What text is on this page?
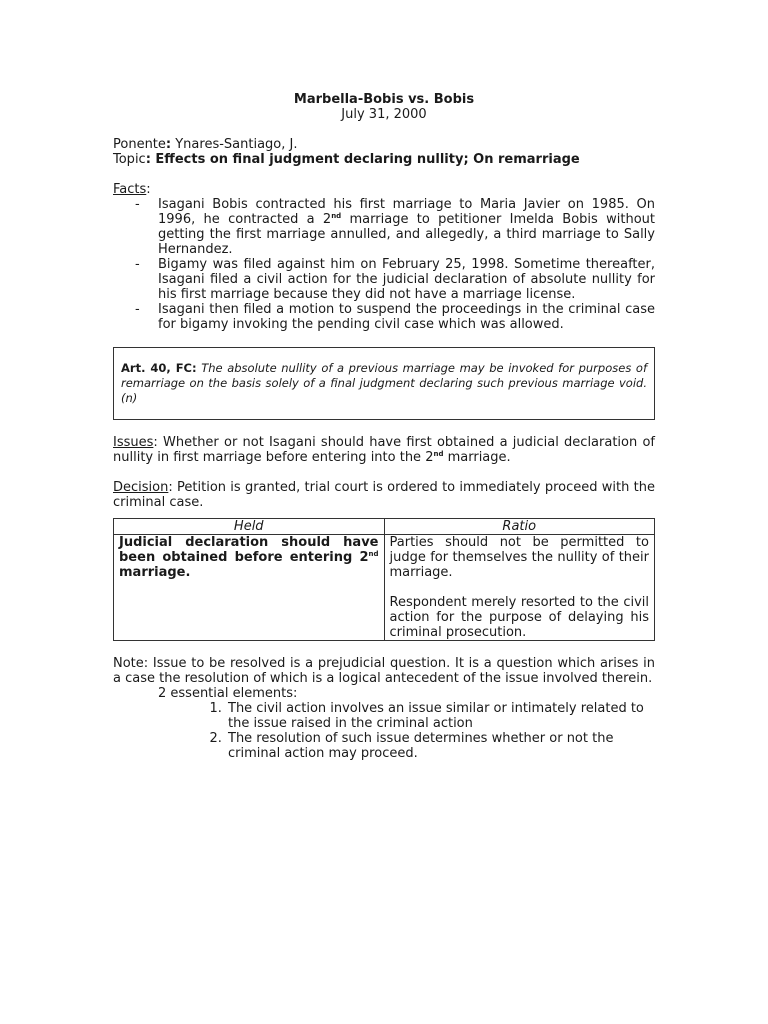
Marbella-Bobis vs. Bobis
July 31, 2000
Ponente: Ynares-Santiago, J.
Topic: Effects on final judgment declaring nullity; On remarriage
Facts:
- Isagani Bobis contracted his first marriage to Maria Javier on 1985. On 1996, he contracted a 2nd marriage to petitioner Imelda Bobis without getting the first marriage annulled, and allegedly, a third marriage to Sally Hernandez.
- Bigamy was filed against him on February 25, 1998. Sometime thereafter, Isagani filed a civil action for the judicial declaration of absolute nullity for his first marriage because they did not have a marriage license.
- Isagani then filed a motion to suspend the proceedings in the criminal case for bigamy invoking the pending civil case which was allowed.
Art. 40, FC: The absolute nullity of a previous marriage may be invoked for purposes of remarriage on the basis solely of a final judgment declaring such previous marriage void. (n)
Issues: Whether or not Isagani should have first obtained a judicial declaration of nullity in first marriage before entering into the 2nd marriage.
Decision: Petition is granted, trial court is ordered to immediately proceed with the criminal case.
Held	Ratio
Judicial declaration should have been obtained before entering 2nd marriage.	Parties should not be permitted to judge for themselves the nullity of their marriage.
Respondent merely resorted to the civil action for the purpose of delaying his criminal prosecution.
Note: Issue to be resolved is a prejudicial question. It is a question which arises in a case the resolution of which is a logical antecedent of the issue involved therein.
2 essential elements:
1. The civil action involves an issue similar or intimately related to the issue raised in the criminal action
2. The resolution of such issue determines whether or not the criminal action may proceed.
